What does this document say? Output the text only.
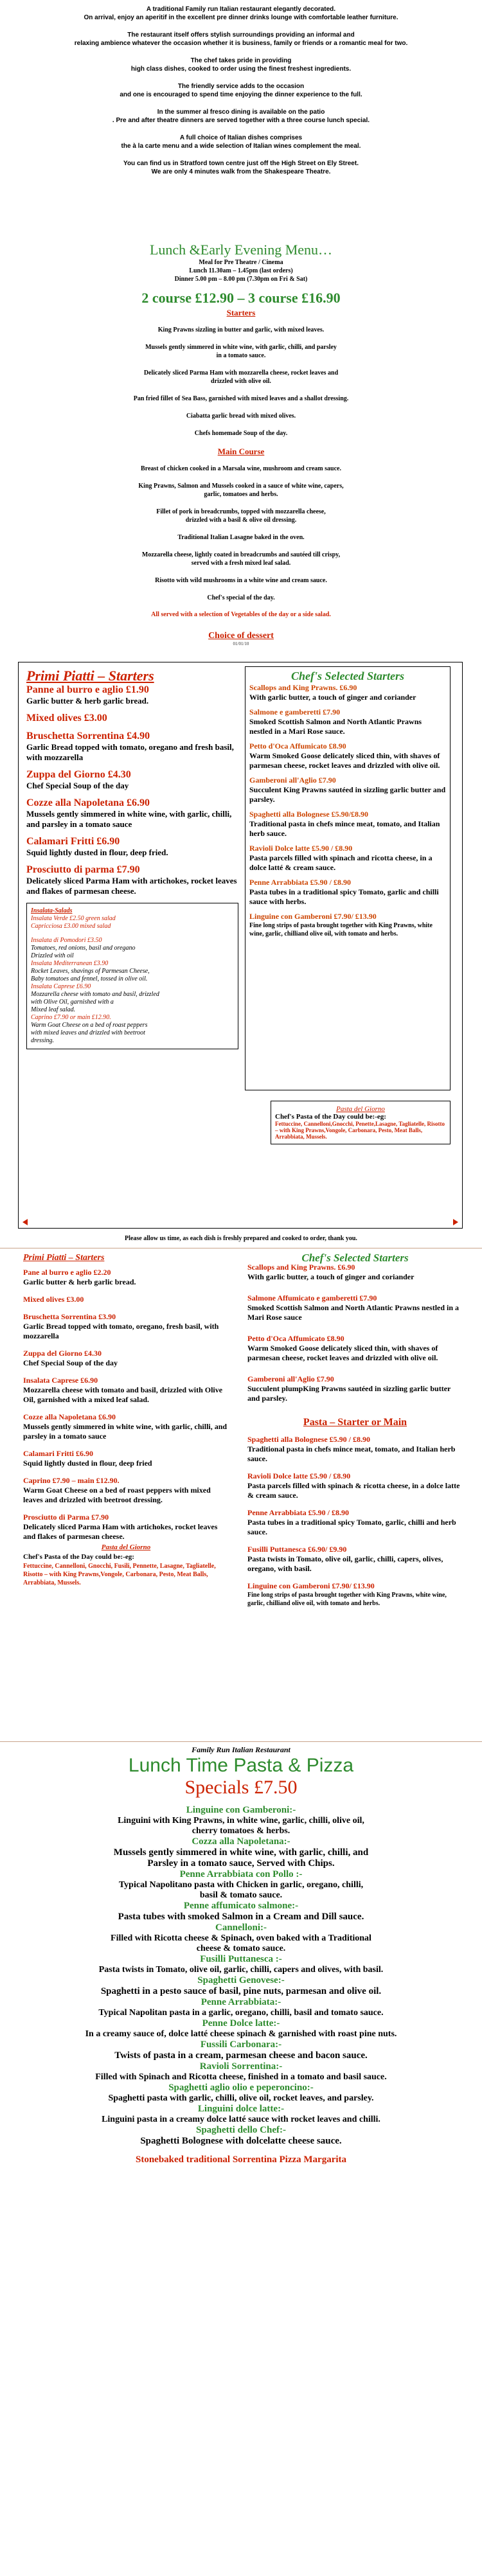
A traditional Family run Italian restaurant elegantly decorated.
On arrival, enjoy an aperitif in the excellent pre dinner drinks lounge with comfortable leather furniture.

The restaurant itself offers stylish surroundings providing an informal and
relaxing ambience whatever the occasion whether it is business, family or friends or a romantic meal for two.

The chef takes pride in providing
high class dishes, cooked to order using the finest freshest ingredients.

The friendly service adds to the occasion
and one is encouraged to spend time enjoying the dinner experience to the full.

In the summer al fresco dining is available on the patio
. Pre and after theatre dinners are served together with a three course lunch special.

A full choice of Italian dishes comprises
the à la carte menu and a wide selection of Italian wines complement the meal.

You can find us in Stratford town centre just off the High Street on Ely Street.
We are only 4 minutes walk from the Shakespeare Theatre.

Lunch &Early Evening Menu…
Meal for Pre Theatre / Cinema
Lunch 11.30am – 1.45pm (last orders)
Dinner 5.00 pm – 8.00 pm (7.30pm on Fri & Sat)
2 course £12.90 – 3 course £16.90
Starters
King Prawns sizzling in butter and garlic, with mixed leaves.
Mussels gently simmered in white wine, with garlic, chilli, and parsley
in a tomato sauce.
Delicately sliced Parma Ham with mozzarella cheese, rocket leaves and
drizzled with olive oil.
Pan fried fillet of Sea Bass, garnished with mixed leaves and a shallot dressing.
Ciabatta garlic bread with mixed olives.
Chefs homemade Soup of the day.
Main Course
Breast of chicken cooked in a Marsala wine, mushroom and cream sauce.
King Prawns, Salmon and Mussels cooked in a sauce of white wine, capers,
garlic, tomatoes and herbs.
Fillet of pork in breadcrumbs, topped with mozzarella cheese,
drizzled with a basil & olive oil dressing.
Traditional Italian Lasagne baked in the oven.
Mozzarella cheese, lightly coated in breadcrumbs and sautéed till crispy,
served with a fresh mixed leaf salad.
Risotto with wild mushrooms in a white wine and cream sauce.
Chef's special of the day.
All served with a selection of Vegetables of the day or a side salad.
Choice of dessert
01/01/10
Primi Piatti – Starters
Panne al burro e aglio £1.90
Garlic butter & herb garlic bread.
Mixed olives £3.00
Bruschetta Sorrentina £4.90
Garlic Bread topped with tomato, oregano and fresh basil, with mozzarella
Zuppa del Giorno £4.30
Chef Special Soup of the day
Cozze alla Napoletana £6.90
Mussels gently simmered in white wine, with garlic, chilli, and parsley in a tomato sauce
Calamari Fritti £6.90
Squid lightly dusted in flour, deep fried.
Prosciutto di parma £7.90
Delicately sliced Parma Ham with artichokes, rocket leaves and flakes of parmesan cheese.
Insalata-Salads
Insalata Verde £2.50 green salad
Capricciosa £3.00 mixed salad
Insalata di Pomodori £3.50
Tomatoes, red onions, basil and oregano
Drizzled with oil
Insalata Mediterranean £3.90
Rocket Leaves, shavings of Parmesan Cheese,
Baby tomatoes and fennel, tossed in olive oil.
Insalata Caprese £6.90
Mozzarella cheese with tomato and basil, drizzled
with Olive Oil, garnished with a
Mixed leaf salad.
Caprino £7.90 or main £12.90.
Warm Goat Cheese on a bed of roast peppers
with mixed leaves and drizzled with beetroot
dressing.
Chef's Selected Starters
Scallops and King Prawns. £6.90
With garlic butter, a touch of ginger and coriander
Salmone e gamberetti £7.90
Smoked Scottish Salmon and North Atlantic Prawns nestled in a Mari Rose sauce.
Petto d'Oca Affumicato £8.90
Warm Smoked Goose delicately sliced thin, with shaves of parmesan cheese, rocket leaves and drizzled with olive oil.
Gamberoni all'Aglio £7.90
Succulent King Prawns sautéed in sizzling garlic butter and parsley.
Spaghetti alla Bolognese £5.90/£8.90
Traditional pasta in chefs mince meat, tomato, and Italian herb sauce.
Ravioli Dolce latte £5.90 / £8.90
Pasta parcels filled with spinach and ricotta cheese, in a dolce latté & cream sauce.
Penne Arrabbiata £5.90 / £8.90
Pasta tubes in a traditional spicy Tomato, garlic and chilli sauce with herbs.
Linguine con Gamberoni £7.90/ £13.90
Fine long strips of pasta brought together with King Prawns, white wine, garlic, chilliand olive oil, with tomato and herbs.
Pasta del Giorno
Chef's Pasta of the Day could be:-eg:
Fettuccine, Cannelloni,Gnocchi, Penette,Lasagne, Tagliatelle, Risotto – with King Prawns,Vongole, Carbonara, Pesto, Meat Balls, Arrabbiata, Mussels.
Please allow us time, as each dish is freshly prepared and cooked to order, thank you.
Primi Piatti – Starters
Pane al burro e aglio £2.20
Garlic butter & herb garlic bread.
Mixed olives £3.00
Bruschetta Sorrentina £3.90
Garlic Bread topped with tomato, oregano, fresh basil, with mozzarella
Zuppa del Giorno £4.30
Chef Special Soup of the day
Insalata Caprese £6.90
Mozzarella cheese with tomato and basil, drizzled with Olive Oil, garnished with a mixed leaf salad.
Cozze alla Napoletana £6.90
Mussels gently simmered in white wine, with garlic, chilli, and parsley in a tomato sauce
Calamari Fritti £6.90
Squid lightly dusted in flour, deep fried
Caprino £7.90 – main £12.90.
Warm Goat Cheese on a bed of roast peppers with mixed leaves and drizzled with beetroot dressing.
Prosciutto di Parma £7.90
Delicately sliced Parma Ham with artichokes, rocket leaves and flakes of parmesan cheese.
Pasta del Giorno
Chef's Pasta of the Day could be:-eg:
Fettuccine, Cannelloni, Gnocchi, Fusili, Pennette, Lasagne, Tagliatelle, Risotto – with King Prawns,Vongole, Carbonara, Pesto, Meat Balls, Arrabbiata, Mussels.
Chef's Selected Starters
Scallops and King Prawns. £6.90
With garlic butter, a touch of ginger and coriander
Salmone Affumicato e gamberetti £7.90
Smoked Scottish Salmon and North Atlantic Prawns nestled in a Mari Rose sauce
Petto d'Oca Affumicato £8.90
Warm Smoked Goose delicately sliced thin, with shaves of parmesan cheese, rocket leaves and drizzled with olive oil.
Gamberoni all'Aglio £7.90
Succulent plumpKing Prawns sautéed in sizzling garlic butter and parsley.
Pasta – Starter or Main
Spaghetti alla Bolognese £5.90 / £8.90
Traditional pasta in chefs mince meat, tomato, and Italian herb sauce.
Ravioli Dolce latte £5.90 / £8.90
Pasta parcels filled with spinach & ricotta cheese, in a dolce latte & cream sauce.
Penne Arrabbiata £5.90 / £8.90
Pasta tubes in a traditional spicy Tomato, garlic, chilli and herb sauce.
Fusilli Puttanesca £6.90/ £9.90
Pasta twists in Tomato, olive oil, garlic, chilli, capers, olives, oregano, with basil.
Linguine con Gamberoni £7.90/ £13.90
Fine long strips of pasta brought together with King Prawns, white wine, garlic, chilliand olive oil, with tomato and herbs.
Family Run Italian Restaurant
Lunch Time Pasta & Pizza
Specials £7.50
Linguine con Gamberoni:-
Linguini with King Prawns, in white wine, garlic, chilli, olive oil,
cherry tomatoes & herbs.
Cozza alla Napoletana:-
Mussels gently simmered in white wine, with garlic, chilli, and
Parsley in a tomato sauce, Served with Chips.
Penne Arrabbiata con Pollo :-
Typical Napolitano pasta with Chicken in garlic, oregano, chilli,
basil & tomato sauce.
Penne affumicato salmone:-
Pasta tubes with smoked Salmon in a Cream and Dill sauce.
Cannelloni:-
Filled with Ricotta cheese & Spinach, oven baked with a Traditional
cheese & tomato sauce.
Fusilli Puttanesca :-
Pasta twists in Tomato, olive oil, garlic, chilli, capers and olives, with basil.
Spaghetti Genovese:-
Spaghetti in a pesto sauce of basil, pine nuts, parmesan and olive oil.
Penne Arrabbiata:-
Typical Napolitan pasta in a garlic, oregano, chilli, basil and tomato sauce.
Penne Dolce latte:-
In a creamy sauce of, dolce latté cheese spinach & garnished with roast pine nuts.
Fussili Carbonara:-
Twists of pasta in a cream, parmesan cheese and bacon sauce.
Ravioli Sorrentina:-
Filled with Spinach and Ricotta cheese, finished in a tomato and basil sauce.
Spaghetti aglio olio e peperoncino:-
Spaghetti pasta with garlic, chilli, olive oil, rocket leaves, and parsley.
Linguini dolce latte:-
Linguini pasta in a creamy dolce latté sauce with rocket leaves and chilli.
Spaghetti dello Chef:-
Spaghetti Bolognese with dolcelatte cheese sauce.
Stonebaked traditional Sorrentina Pizza Margarita
